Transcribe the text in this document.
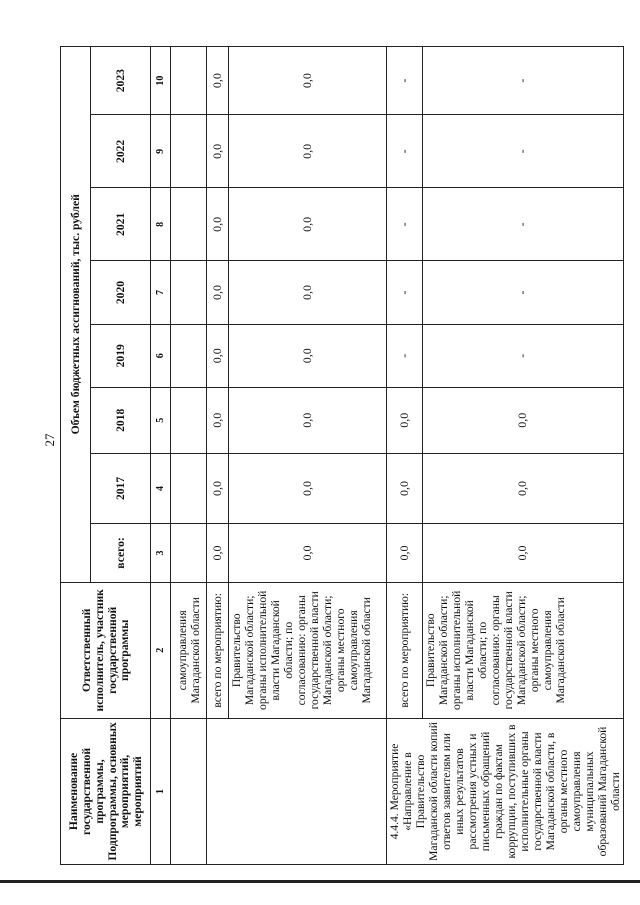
27
Наименование государственной программы, Подпрограммы, основных мероприятий, мероприятий	Ответственный исполнитель, участник государственной программы	Объем бюджетных ассигнований, тыс. рублей							
		всего:	2017	2018	2019	2020	2021	2022	2023
1	2	3	4	5	6	7	8	9	10
	самоуправления Магаданской области								
	всего по мероприятию:	0,0	0,0	0,0	0,0	0,0	0,0	0,0	0,0
	Правительство Магаданской области; органы исполнительной власти Магаданской области; по согласованию: органы государственной власти Магаданской области; органы местного самоуправления Магаданской области	0,0	0,0	0,0	0,0	0,0	0,0	0,0	0,0
4.4.4. Мероприятие «Направление в Правительство Магаданской области копий ответов заявителям или иных результатов рассмотрения устных и письменных обращений граждан по фактам коррупции, поступивших в исполнительные органы государственной власти Магаданской области, в органы местного самоуправления муниципальных образований Магаданской области	всего по мероприятию:	0,0	0,0	0,0	-	-	-	-	-
	Правительство Магаданской области; органы исполнительной власти Магаданской области; по согласованию: органы государственной власти Магаданской области; органы местного самоуправления Магаданской области	0,0	0,0	0,0	-	-	-	-	-
